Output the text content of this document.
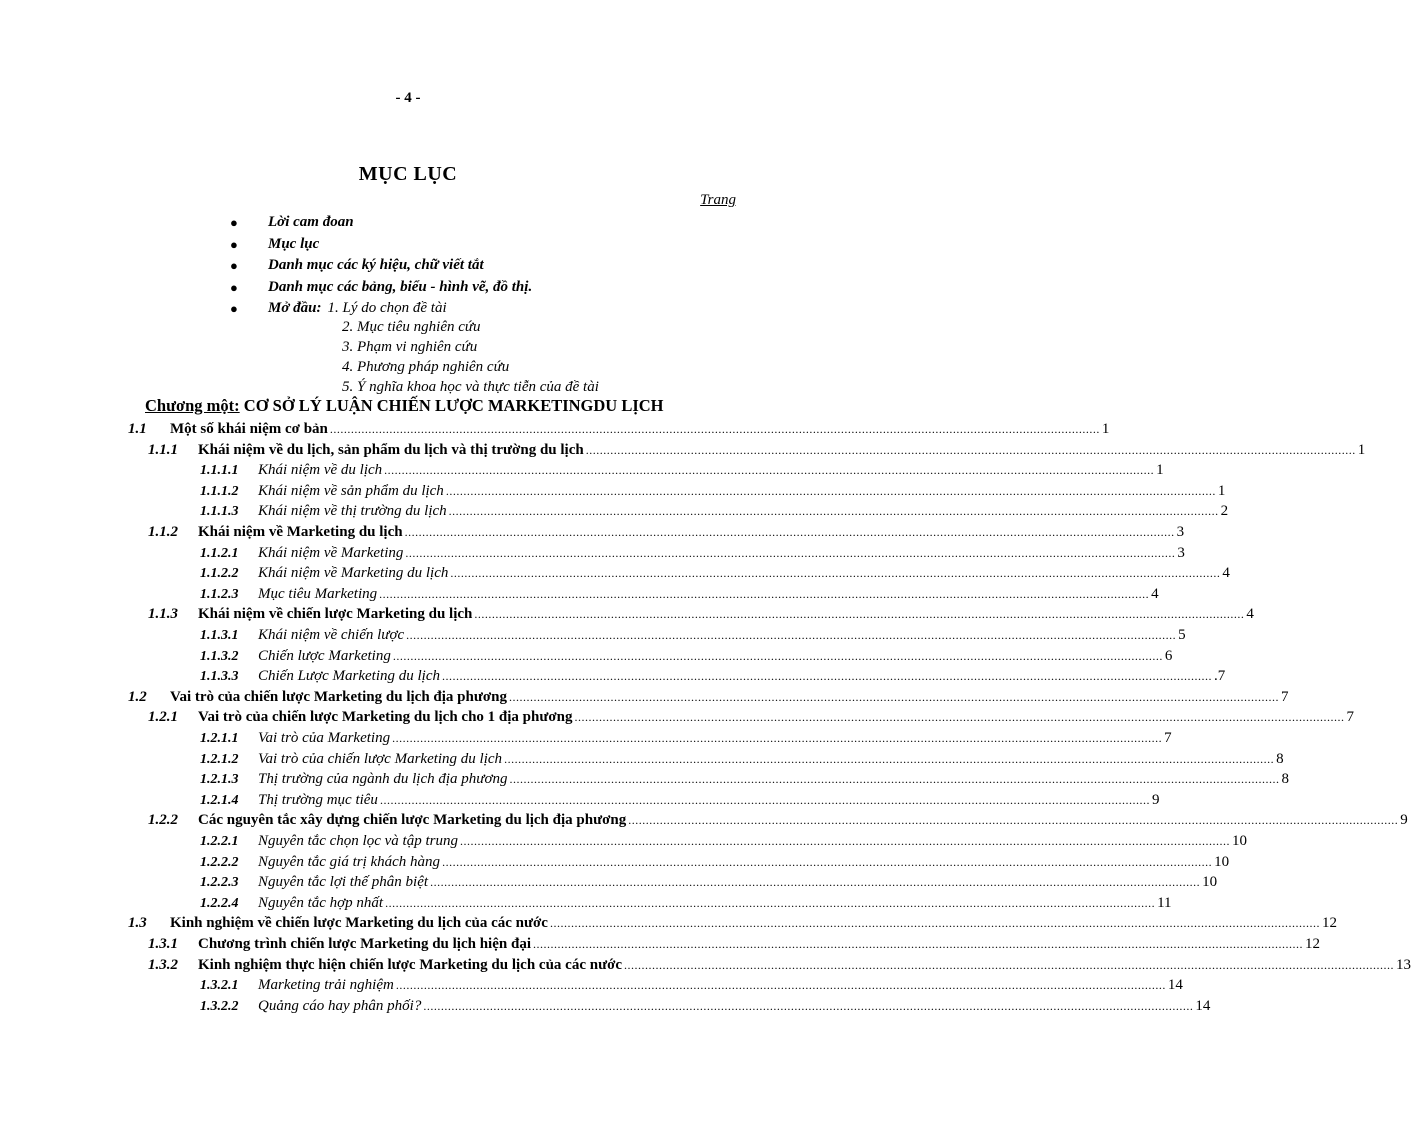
- 4 -
MỤC LỤC
Trang
● Lời cam đoan
● Mục lục
● Danh mục các ký hiệu, chữ viết tắt
● Danh mục các bảng, biểu - hình vẽ, đồ thị.
● Mở đầu: 1. Lý do chọn đề tài
2. Mục tiêu nghiên cứu
3. Phạm vi nghiên cứu
4. Phương pháp nghiên cứu
5. Ý nghĩa khoa học và thực tiễn của đề tài
Chương một: CƠ SỞ LÝ LUẬN CHIẾN LƯỢC MARKETINGDU LỊCH
1.1	Một số khái niệm cơ bản ............................................................................................................................................................................................................................ 1
1.1.1	Khái niệm về du lịch, sản phẩm du lịch và thị trường du lịch ............................................................................................................................................................................................................................ 1
1.1.1.1	Khái niệm về du lịch ............................................................................................................................................................................................................................ 1
1.1.1.2	Khái niệm về sản phẩm du lịch ............................................................................................................................................................................................................................ 1
1.1.1.3	Khái niệm về thị trường du lịch ............................................................................................................................................................................................................................ 2
1.1.2	Khái niệm về Marketing du lịch ............................................................................................................................................................................................................................ 3
1.1.2.1	Khái niệm về Marketing ............................................................................................................................................................................................................................ 3
1.1.2.2	Khái niệm về Marketing du lịch ............................................................................................................................................................................................................................ 4
1.1.2.3	Mục tiêu Marketing ............................................................................................................................................................................................................................ 4
1.1.3	Khái niệm về chiến lược Marketing du lịch ............................................................................................................................................................................................................................ 4
1.1.3.1	Khái niệm về chiến lược ............................................................................................................................................................................................................................ 5
1.1.3.2	Chiến lược Marketing ............................................................................................................................................................................................................................ 6
1.1.3.3	Chiến Lược Marketing du lịch ............................................................................................................................................................................................................................ .7
1.2	Vai trò của chiến lược Marketing du lịch địa phương ............................................................................................................................................................................................................................ 7
1.2.1	Vai trò của chiến lược Marketing du lịch cho 1 địa phương ............................................................................................................................................................................................................................ 7
1.2.1.1	Vai trò của Marketing ............................................................................................................................................................................................................................ 7
1.2.1.2	Vai trò của chiến lược Marketing du lịch ............................................................................................................................................................................................................................ 8
1.2.1.3	Thị trường của ngành du lịch địa phương ............................................................................................................................................................................................................................ 8
1.2.1.4	Thị trường mục tiêu ............................................................................................................................................................................................................................ 9
1.2.2	Các nguyên tắc xây dựng chiến lược Marketing du lịch địa phương ............................................................................................................................................................................................................................ 9
1.2.2.1	Nguyên tắc chọn lọc và tập trung ............................................................................................................................................................................................................................ 10
1.2.2.2	Nguyên tắc giá trị khách hàng ............................................................................................................................................................................................................................ 10
1.2.2.3	Nguyên tắc lợi thế phân biệt ............................................................................................................................................................................................................................ 10
1.2.2.4	Nguyên tắc hợp nhất ............................................................................................................................................................................................................................ 11
1.3	Kinh nghiệm về chiến lược Marketing du lịch của các nước ............................................................................................................................................................................................................................ 12
1.3.1	Chương trình chiến lược Marketing du lịch hiện đại ............................................................................................................................................................................................................................ 12
1.3.2	Kinh nghiệm thực hiện chiến lược Marketing du lịch của các nước ............................................................................................................................................................................................................................ 13
1.3.2.1	Marketing trải nghiệm ............................................................................................................................................................................................................................ 14
1.3.2.2	Quảng cáo hay phân phối? ............................................................................................................................................................................................................................ 14
